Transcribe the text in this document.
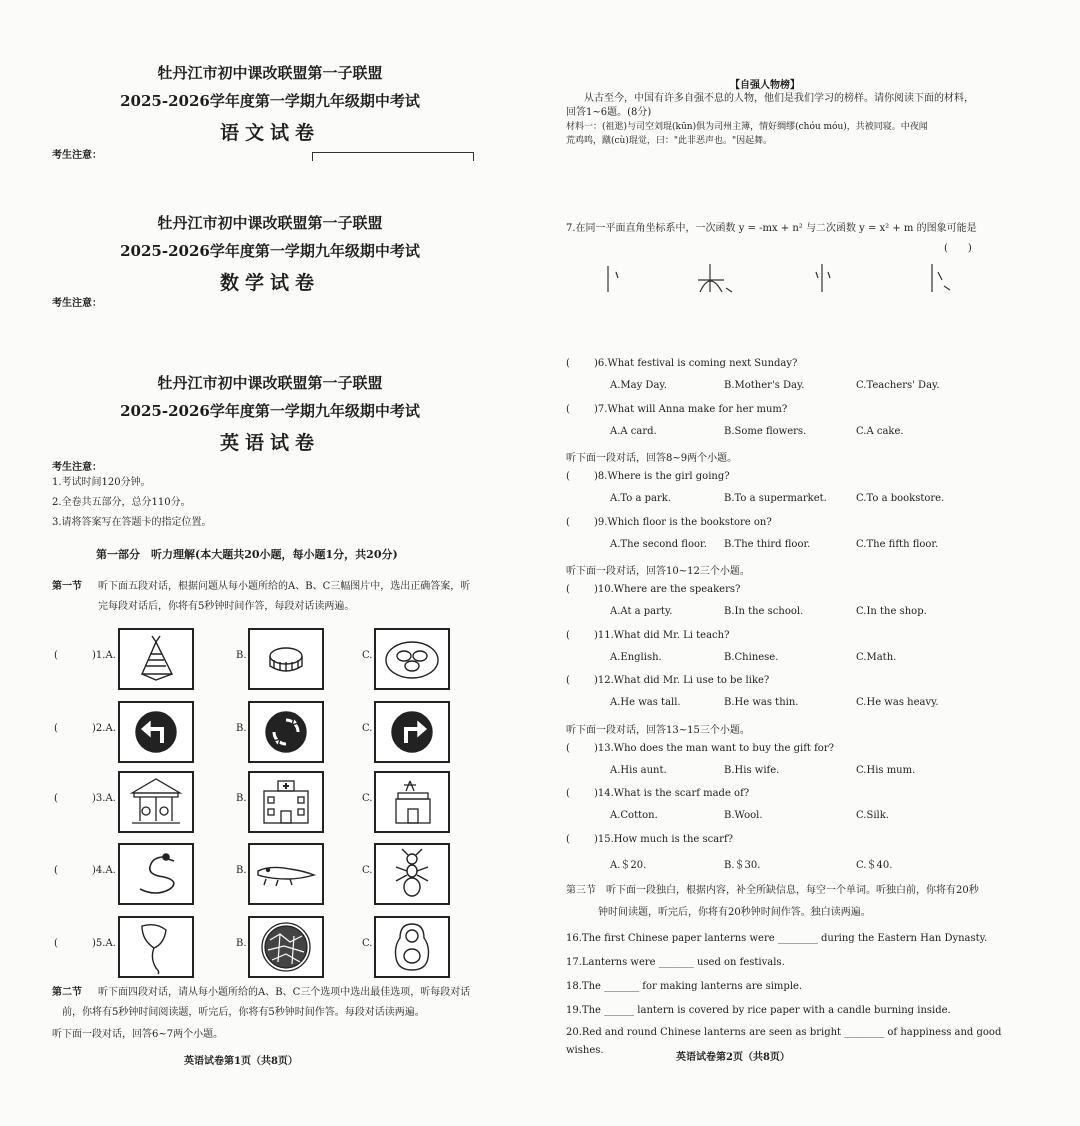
牡丹江市初中课改联盟第一子联盟
2025-2026学年度第一学期九年级期中考试
语文试卷
考生注意：
牡丹江市初中课改联盟第一子联盟
2025-2026学年度第一学期九年级期中考试
数学试卷
考生注意：
牡丹江市初中课改联盟第一子联盟
2025-2026学年度第一学期九年级期中考试
英语试卷
考生注意：
1.考试时间120分钟。
2.全卷共五部分，总分110分。
3.请将答案写在答题卡的指定位置。
第一部分　听力理解(本大题共20小题，每小题1分，共20分)
第一节 听下面五段对话，根据问题从每小题所给的A、B、C三幅图片中，选出正确答案，听
完每段对话后，你将有5秒钟时间作答，每段对话读两遍。
(	)1.A.	B.	C.
(	)2.A.	B.	C.
(	)3.A.	B.	C.
(	)4.A.	B.	C.
(	)5.A.	B.	C.
第二节 听下面四段对话，请从每小题所给的A、B、C三个选项中选出最佳选项，听每段对话
前，你将有5秒钟时间阅读题，听完后，你将有5秒钟时间作答。每段对话读两遍。
听下面一段对话，回答6~7两个小题。
英语试卷第1页（共8页）
【自强人物榜】
从古至今，中国有许多自强不息的人物，他们是我们学习的榜样。请你阅读下面的材料，
回答1~6题。(8分)
材料一：(祖逖)与司空刘琨(kūn)俱为司州主簿，情好绸缪(chóu móu)，共被同寝。中夜闻
荒鸡鸣，蹴(cù)琨觉，曰："此非恶声也。"因起舞。
7.在同一平面直角坐标系中，一次函数 y = -mx + n² 与二次函数 y = x² + m 的图象可能是
(　　)
( )6.What festival is coming next Sunday?
A.May Day.	B.Mother's Day.	C.Teachers' Day.
( )7.What will Anna make for her mum?
A.A card.	B.Some flowers.	C.A cake.
听下面一段对话，回答8~9两个小题。
( )8.Where is the girl going?
A.To a park.	B.To a supermarket.	C.To a bookstore.
( )9.Which floor is the bookstore on?
A.The second floor. B.The third floor.	C.The fifth floor.
听下面一段对话，回答10~12三个小题。
( )10.Where are the speakers?
A.At a party.	B.In the school.	C.In the shop.
( )11.What did Mr. Li teach?
A.English.	B.Chinese.	C.Math.
( )12.What did Mr. Li use to be like?
A.He was tall.	B.He was thin.	C.He was heavy.
听下面一段对话，回答13~15三个小题。
( )13.Who does the man want to buy the gift for?
A.His aunt.	B.His wife.	C.His mum.
( )14.What is the scarf made of?
A.Cotton.	B.Wool.	C.Silk.
( )15.How much is the scarf?
A.＄20.	B.＄30.	C.＄40.
第三节　听下面一段独白，根据内容，补全所缺信息，每空一个单词。听独白前，你将有20秒
钟时间读题，听完后，你将有20秒钟时间作答。独白读两遍。
16.The first Chinese paper lanterns were ________ during the Eastern Han Dynasty.
17.Lanterns were _______ used on festivals.
18.The _______ for making lanterns are simple.
19.The ______ lantern is covered by rice paper with a candle burning inside.
20.Red and round Chinese lanterns are seen as bright ________ of happiness and good wishes.
英语试卷第2页（共8页）
